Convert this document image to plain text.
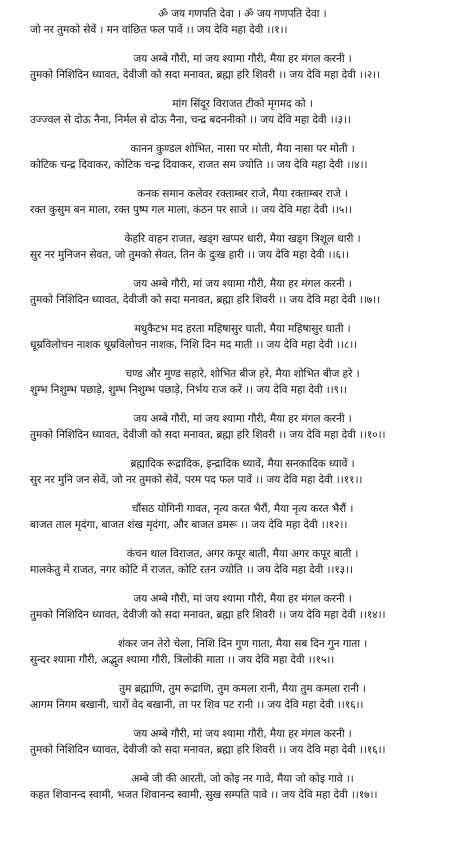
ॐ जय गणपति देवा । ॐ जय गणपति देवा ।
जो नर तुमको सेवें । मन वांछित फल पावें ।। जय देवि महा देवी ।।१।।
जय अम्बे गौरी, मां जय श्यामा गौरी, मैया हर मंगल करनी ।
तुमको निशिदिन ध्यावत, देवीजी को सदा मनावत, ब्रह्मा हरि शिवरी ।। जय देवि महा देवी ।।२।।
मांग सिंदूर विराजत टीको मृगमद को ।
उज्ज्वल से दोऊ नैना, निर्मल से दोऊ नैना, चन्द्र बदननीको ।। जय देवि महा देवी ।।३।।
कानन कुण्डल शोभित, नासा पर मोती, मैया नासा पर मोती ।
कोटिक चन्द्र दिवाकर, कोटिक चन्द्र दिवाकर, राजत सम ज्योति ।। जय देवि महा देवी ।।४।।
कनक समान कलेवर रक्ताम्बर राजे, मैया रक्ताम्बर राजे ।
रक्त कुसुम बन माला, रक्त पुष्प गल माला, कंठन पर साजे ।। जय देवि महा देवी ।।५।।
केहरि वाहन राजत, खड्ग खप्पर धारी, मैया खड्ग त्रिशूल धारी ।
सुर नर मुनिजन सेवत, जो तुमको सेवत, तिन के दुःख हारी ।। जय देवि महा देवी ।।६।।
जय अम्बे गौरी, मां जय श्यामा गौरी, मैया हर मंगल करनी ।
तुमको निशिदिन ध्यावत, देवीजी को सदा मनावत, ब्रह्मा हरि शिवरी ।। जय देवि महा देवी ।।७।।
मधुकैटभ मद हरता महिषासुर घाती, मैया महिषासुर घाती ।
धूम्रविलोचन नाशक धूम्रविलोचन नाशक, निशि दिन मद माती ।। जय देवि महा देवी ।।८।।
चण्ड और मुण्ड सहारे, शोभित बीज हरे, मैया शोभित बीज हरे ।
शुम्भ निशुम्भ पछाड़े, शुम्भ निशुम्भ पछाड़े, निर्भय राज करें ।। जय देवि महा देवी ।।९।।
जय अम्बे गौरी, मां जय श्यामा गौरी, मैया हर मंगल करनी ।
तुमको निशिदिन ध्यावत, देवीजी को सदा मनावत, ब्रह्मा हरि शिवरी ।। जय देवि महा देवी ।।१०।।
ब्रह्मादिक रूद्रादिक, इन्द्रादिक ध्यावें, मैया सनकादिक ध्यावें ।
सुर नर मुनि जन सेवें, जो नर तुमको सेवें, परम पद फल पावें ।। जय देवि महा देवी ।।११।।
चौंसठ योगिनी गावत, नृत्य करत भैरौं, मैया नृत्य करत भैरौं ।
बाजत ताल मृदंगा, बाजत शंख मृदंगा, और बाजत डमरू ।। जय देवि महा देवी ।।१२।।
कंचन थाल विराजत, अगर कपूर बाती, मैया अगर कपूर बाती ।
मालकेतु में राजत, नगर कोटि में राजत, कोटि रतन ज्योति ।। जय देवि महा देवी ।।१३।।
जय अम्बे गौरी, मां जय श्यामा गौरी, मैया हर मंगल करनी ।
तुमको निशिदिन ध्यावत, देवीजी को सदा मनावत, ब्रह्मा हरि शिवरी ।। जय देवि महा देवी ।।१४।।
शंकर जन तेरो चेला, निशि दिन गुण गाता, मैया सब दिन गुन गाता ।
सुन्दर श्यामा गौरी, अद्भुत श्यामा गौरी, त्रिलोकी माता ।। जय देवि महा देवी ।।१५।।
तुम ब्रह्माणि, तुम रूद्राणि, तुम कमला रानी, मैया तुम कमला रानी ।
आगम निगम बखानी, चारों वेद बखानी, ता पर शिव पट रानी ।। जय देवि महा देवी ।।१६।।
जय अम्बे गौरी, मां जय श्यामा गौरी, मैया हर मंगल करनी ।
तुमको निशिदिन ध्यावत, देवीजी को सदा मनावत, ब्रह्मा हरि शिवरी ।। जय देवि महा देवी ।।१६।।
अम्बे जी की आरती, जो कोइ नर गावे, मैया जो कोइ गावे ।।
कहत शिवानन्द स्वामी, भजत शिवानन्द स्वामी, सुख सम्पति पावे ।। जय देवि महा देवी ।।१७।।
